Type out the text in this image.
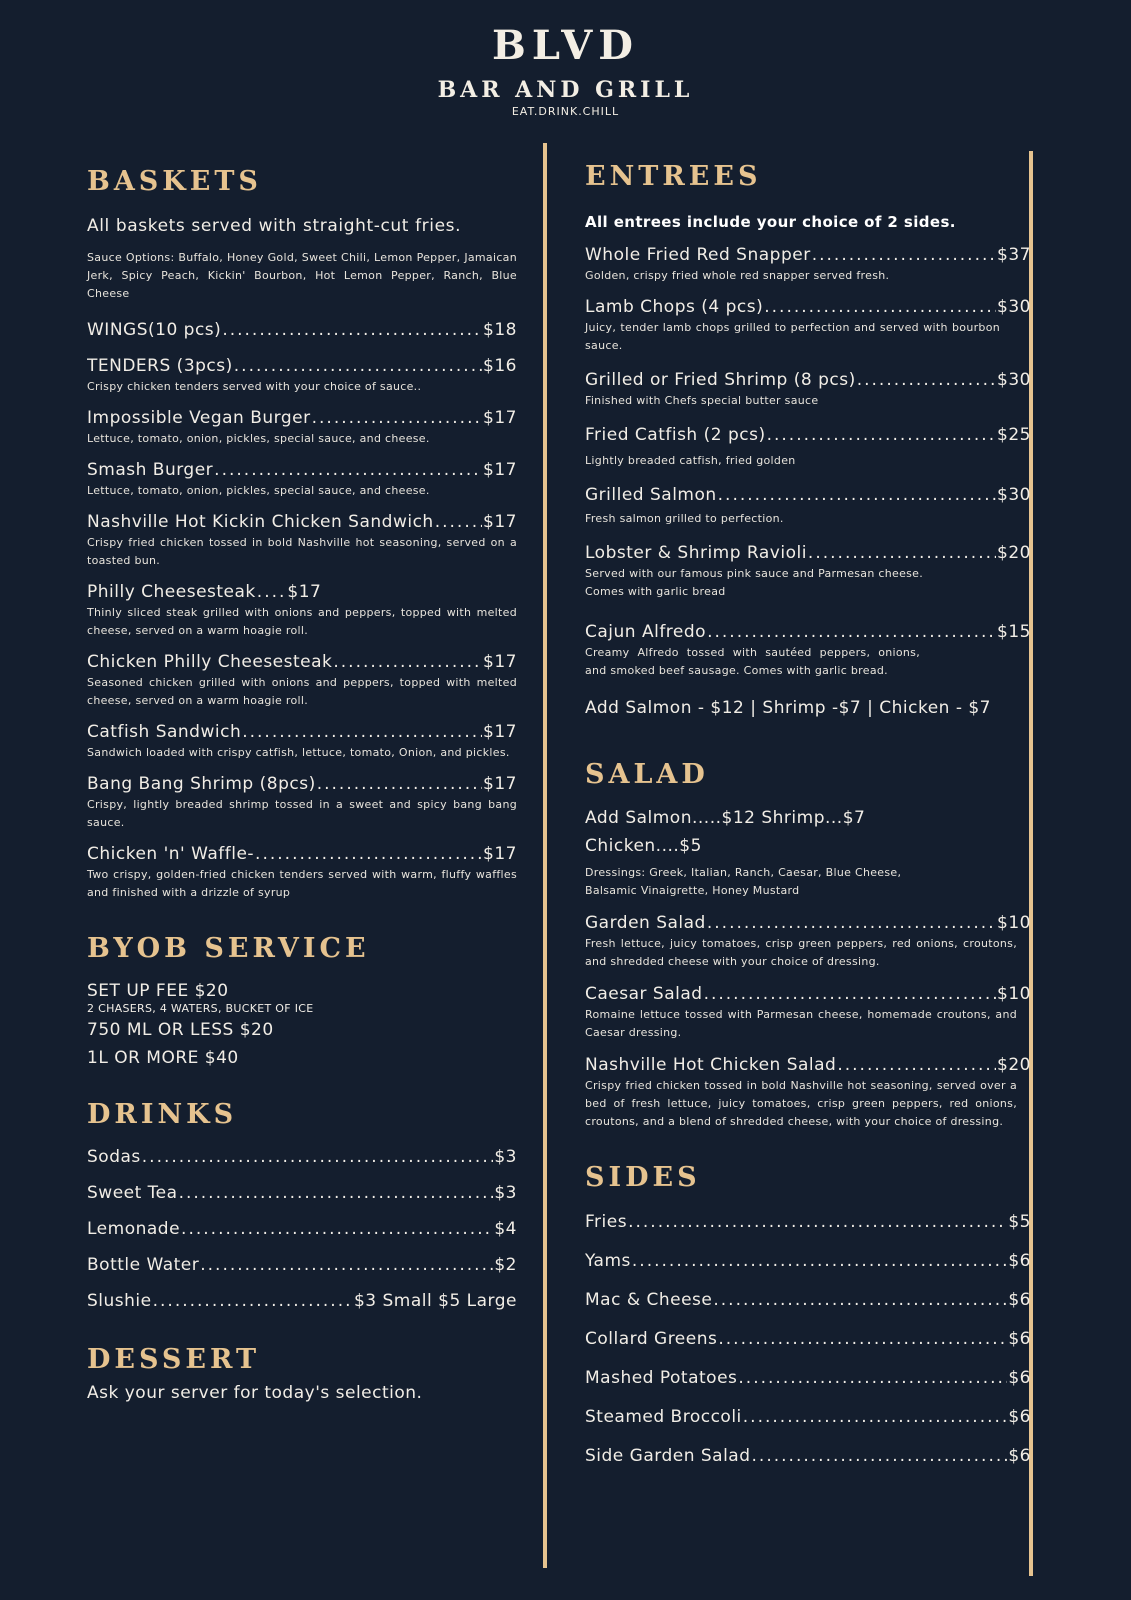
BLVD
BAR AND GRILL
EAT.DRINK.CHILL
BASKETS

All baskets served with straight-cut fries.

Sauce Options: Buffalo, Honey Gold, Sweet Chili, Lemon Pepper, Jamaican Jerk, Spicy Peach, Kickin' Bourbon, Hot Lemon Pepper, Ranch, Blue Cheese

WINGS(10 pcs) .....	$18
TENDERS (3pcs) .....	$16
Crispy chicken tenders served with your choice of sauce..
Impossible Vegan Burger .....	$17
Lettuce, tomato, onion, pickles, special sauce, and cheese.
Smash Burger .....	$17
Lettuce, tomato, onion, pickles, special sauce, and cheese.
Nashville Hot Kickin Chicken Sandwich .....	$17
Crispy fried chicken tossed in bold Nashville hot seasoning, served on a toasted bun.
Philly Cheesesteak .... $17
Thinly sliced steak grilled with onions and peppers, topped with melted cheese, served on a warm hoagie roll.
Chicken Philly Cheesesteak .....	$17
Seasoned chicken grilled with onions and peppers, topped with melted cheese, served on a warm hoagie roll.
Catfish Sandwich .....	$17
Sandwich loaded with crispy catfish, lettuce, tomato, Onion, and pickles.
Bang Bang Shrimp (8pcs) .....	$17
Crispy, lightly breaded shrimp tossed in a sweet and spicy bang bang sauce.
Chicken 'n' Waffle- .....	$17
Two crispy, golden-fried chicken tenders served with warm, fluffy waffles and finished with a drizzle of syrup
BYOB SERVICE
SET UP FEE $20
2 CHASERS, 4 WATERS, BUCKET OF ICE
750 ML OR LESS $20
1L OR MORE $40
DRINKS
Sodas .....	$3
Sweet Tea .....	$3
Lemonade .....	$4
Bottle Water .....	$2
Slushie .....	$3 Small $5 Large
DESSERT
Ask your server for today's selection.
ENTREES

All entrees include your choice of 2 sides.

Whole Fried Red Snapper .....	$37
Golden, crispy fried whole red snapper served fresh.
Lamb Chops (4 pcs) .....	$30
Juicy, tender lamb chops grilled to perfection and served with bourbon sauce.
Grilled or Fried Shrimp (8 pcs) .....	$30
Finished with Chefs special butter sauce
Fried Catfish (2 pcs) .....	$25
Lightly breaded catfish, fried golden
Grilled Salmon .....	$30
Fresh salmon grilled to perfection.
Lobster & Shrimp Ravioli .....	$20
Served with our famous pink sauce and Parmesan cheese. Comes with garlic bread
Cajun Alfredo .....	$15
Creamy Alfredo tossed with sautéed peppers, onions, and smoked beef sausage. Comes with garlic bread.
Add Salmon - $12 | Shrimp -$7 | Chicken - $7
SALAD
Add Salmon.....$12 Shrimp...$7
Chicken....$5

Dressings: Greek, Italian, Ranch, Caesar, Blue Cheese, Balsamic Vinaigrette, Honey Mustard

Garden Salad .....	$10
Fresh lettuce, juicy tomatoes, crisp green peppers, red onions, croutons, and shredded cheese with your choice of dressing.
Caesar Salad .....	$10
Romaine lettuce tossed with Parmesan cheese, homemade croutons, and Caesar dressing.
Nashville Hot Chicken Salad .....	$20
Crispy fried chicken tossed in bold Nashville hot seasoning, served over a bed of fresh lettuce, juicy tomatoes, crisp green peppers, red onions, croutons, and a blend of shredded cheese, with your choice of dressing.
SIDES
Fries .....	$5
Yams .....	$6
Mac & Cheese .....	$6
Collard Greens .....	$6
Mashed Potatoes .....	$6
Steamed Broccoli .....	$6
Side Garden Salad .....	$6
